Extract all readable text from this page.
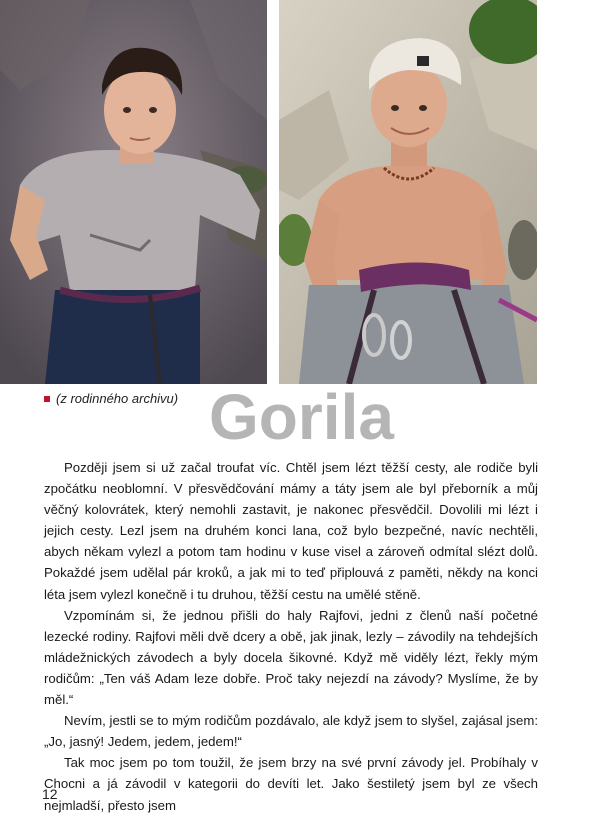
(z rodinného archivu) Gorila

Později jsem si už začal troufat víc. Chtěl jsem lézt těžší cesty, ale rodiče byli zpočátku neoblomní. V přesvědčování mámy a táty jsem ale byl přeborník a můj věčný kolovrátek, který nemohli zastavit, je nakonec přesvědčil. Dovolili mi lézt i jejich cesty. Lezl jsem na druhém konci lana, což bylo bezpečné, navíc nechtěli, abych někam vylezl a potom tam hodinu v kuse visel a zároveň odmítal slézt dolů. Pokaždé jsem udělal pár kroků, a jak mi to teď připlouvá z paměti, někdy na konci léta jsem vylezl konečně i tu druhou, těžší cestu na umělé stěně.

Vzpomínám si, že jednou přišli do haly Rajfovi, jedni z členů naší početné lezecké rodiny. Rajfovi měli dvě dcery a obě, jak jinak, lezly – závodily na tehdejších mládežnických závodech a byly docela šikovné. Když mě viděly lézt, řekly mým rodičům: „Ten váš Adam leze dobře. Proč taky nejezdí na závody? Myslíme, že by měl.“

Nevím, jestli se to mým rodičům pozdávalo, ale když jsem to slyšel, zajásal jsem: „Jo, jasný! Jedem, jedem, jedem!“

Tak moc jsem po tom toužil, že jsem brzy na své první závody jel. Probíhaly v Chocni a já závodil v kategorii do devíti let. Jako šestiletý jsem byl ze všech nejmladší, přesto jsem

12
